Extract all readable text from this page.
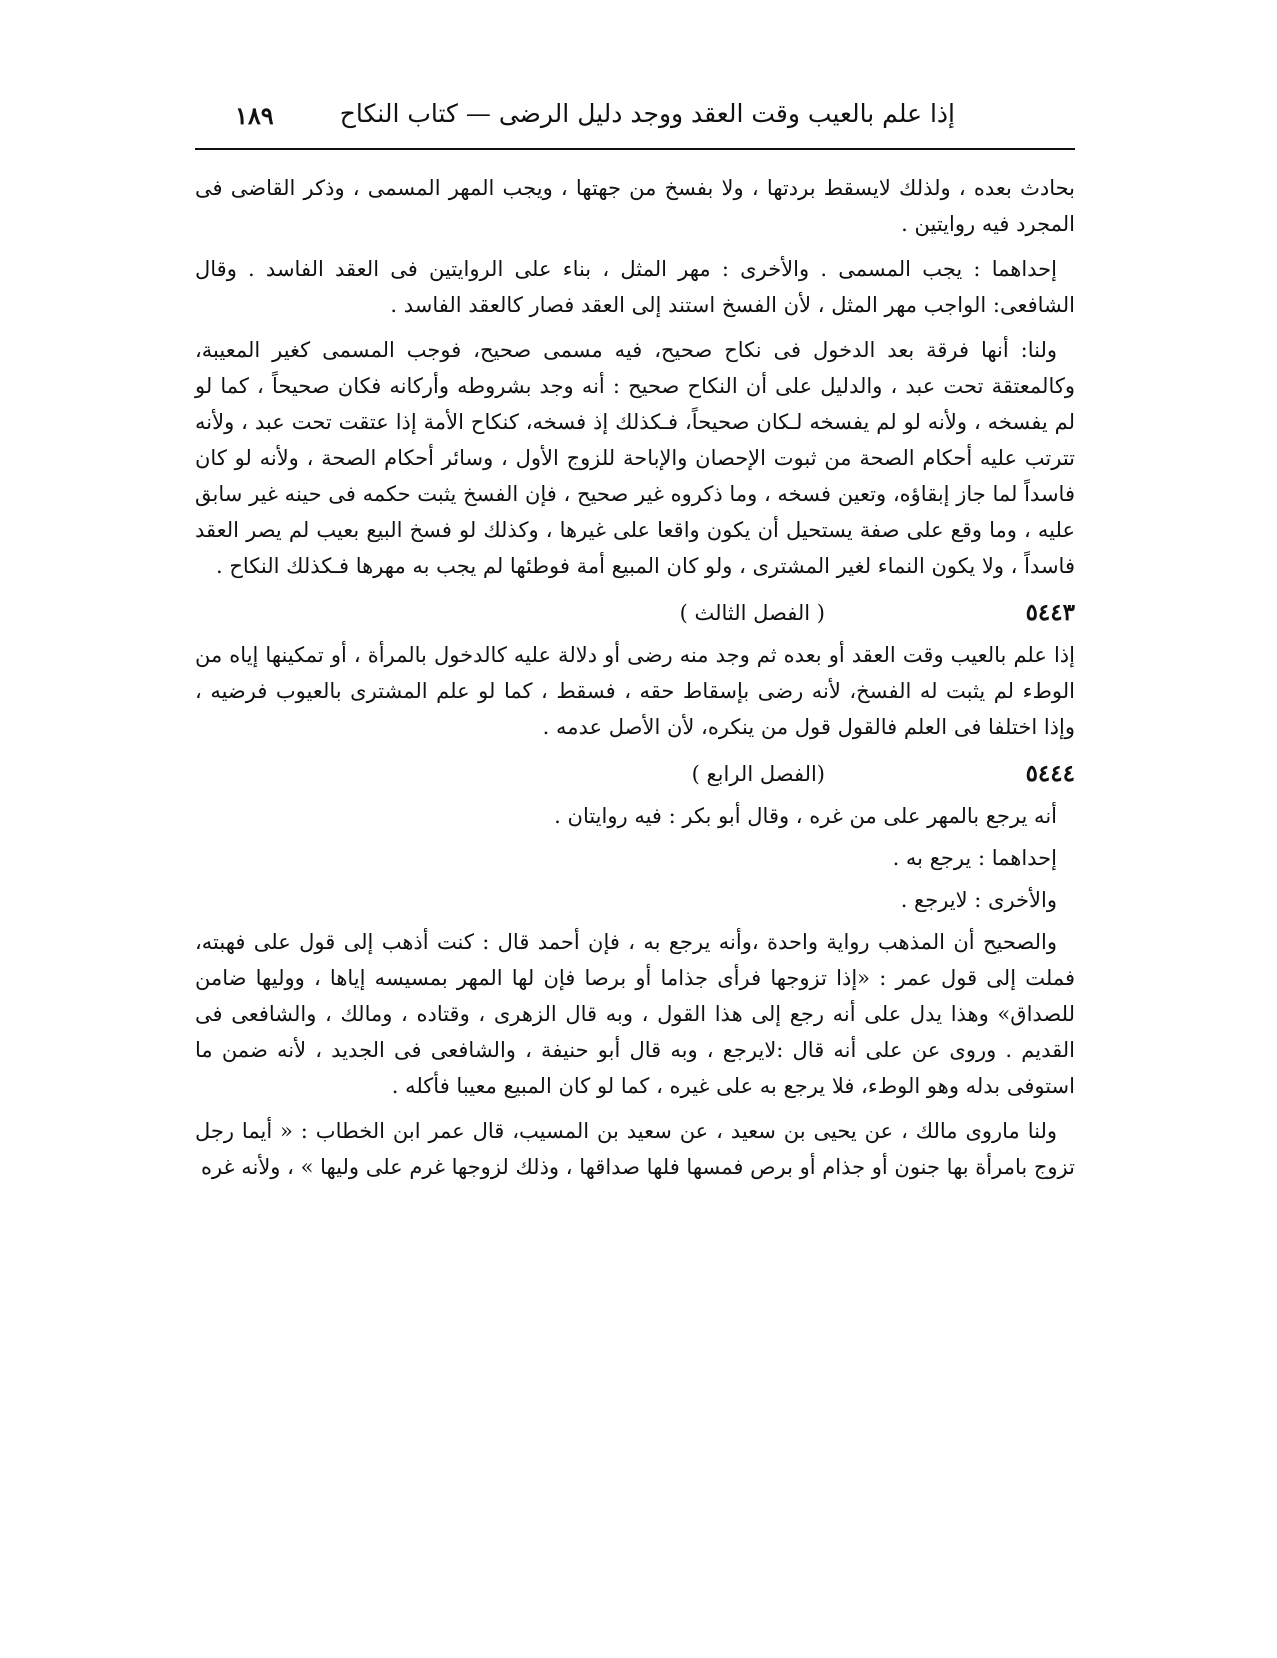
إذا علم بالعيب وقت العقد ووجد دليل الرضى — كتاب النكاح
١٨٩

بحادث بعده ، ولذلك لايسقط بردتها ، ولا بفسخ من جهتها ، ويجب المهر المسمى ، وذكر القاضى فى المجرد فيه روايتين .

إحداهما : يجب المسمى . والأخرى : مهر المثل ، بناء على الروايتين فى العقد الفاسد . وقال الشافعى: الواجب مهر المثل ، لأن الفسخ استند إلى العقد فصار كالعقد الفاسد .

ولنا: أنها فرقة بعد الدخول فى نكاح صحيح، فيه مسمى صحيح، فوجب المسمى كغير المعيبة، وكالمعتقة تحت عبد ، والدليل على أن النكاح صحيح : أنه وجد بشروطه وأركانه فكان صحيحاً ، كما لو لم يفسخه ، ولأنه لو لم يفسخه لـكان صحيحاً، فـكذلك إذ فسخه، كنكاح الأمة إذا عتقت تحت عبد ، ولأنه تترتب عليه أحكام الصحة من ثبوت الإحصان والإباحة للزوج الأول ، وسائر أحكام الصحة ، ولأنه لو كان فاسداً لما جاز إبقاؤه، وتعين فسخه ، وما ذكروه غير صحيح ، فإن الفسخ يثبت حكمه فى حينه غير سابق عليه ، وما وقع على صفة يستحيل أن يكون واقعا على غيرها ، وكذلك لو فسخ البيع بعيب لم يصر العقد فاسداً ، ولا يكون النماء لغير المشترى ، ولو كان المبيع أمة فوطئها لم يجب به مهرها فـكذلك النكاح .

٥٤٤٣
( الفصل الثالث )

إذا علم بالعيب وقت العقد أو بعده ثم وجد منه رضى أو دلالة عليه كالدخول بالمرأة ، أو تمكينها إياه من الوطء لم يثبت له الفسخ، لأنه رضى بإسقاط حقه ، فسقط ، كما لو علم المشترى بالعيوب فرضيه ، وإذا اختلفا فى العلم فالقول قول من ينكره، لأن الأصل عدمه .

٥٤٤٤
(الفصل الرابع )

أنه يرجع بالمهر على من غره ، وقال أبو بكر : فيه روايتان .

إحداهما : يرجع به .

والأخرى : لايرجع .

والصحيح أن المذهب رواية واحدة ،وأنه يرجع به ، فإن أحمد قال : كنت أذهب إلى قول على فهبته، فملت إلى قول عمر : «إذا تزوجها فرأى جذاما أو برصا فإن لها المهر بمسيسه إياها ، ووليها ضامن للصداق» وهذا يدل على أنه رجع إلى هذا القول ، وبه قال الزهرى ، وقتاده ، ومالك ، والشافعى فى القديم . وروى عن على أنه قال :لايرجع ، وبه قال أبو حنيفة ، والشافعى فى الجديد ، لأنه ضمن ما استوفى بدله وهو الوطء، فلا يرجع به على غيره ، كما لو كان المبيع معيبا فأكله .

ولنا ماروى مالك ، عن يحيى بن سعيد ، عن سعيد بن المسيب، قال عمر ابن الخطاب : « أيما رجل تزوج بامرأة بها جنون أو جذام أو برص فمسها فلها صداقها ، وذلك لزوجها غرم على وليها » ، ولأنه غره
